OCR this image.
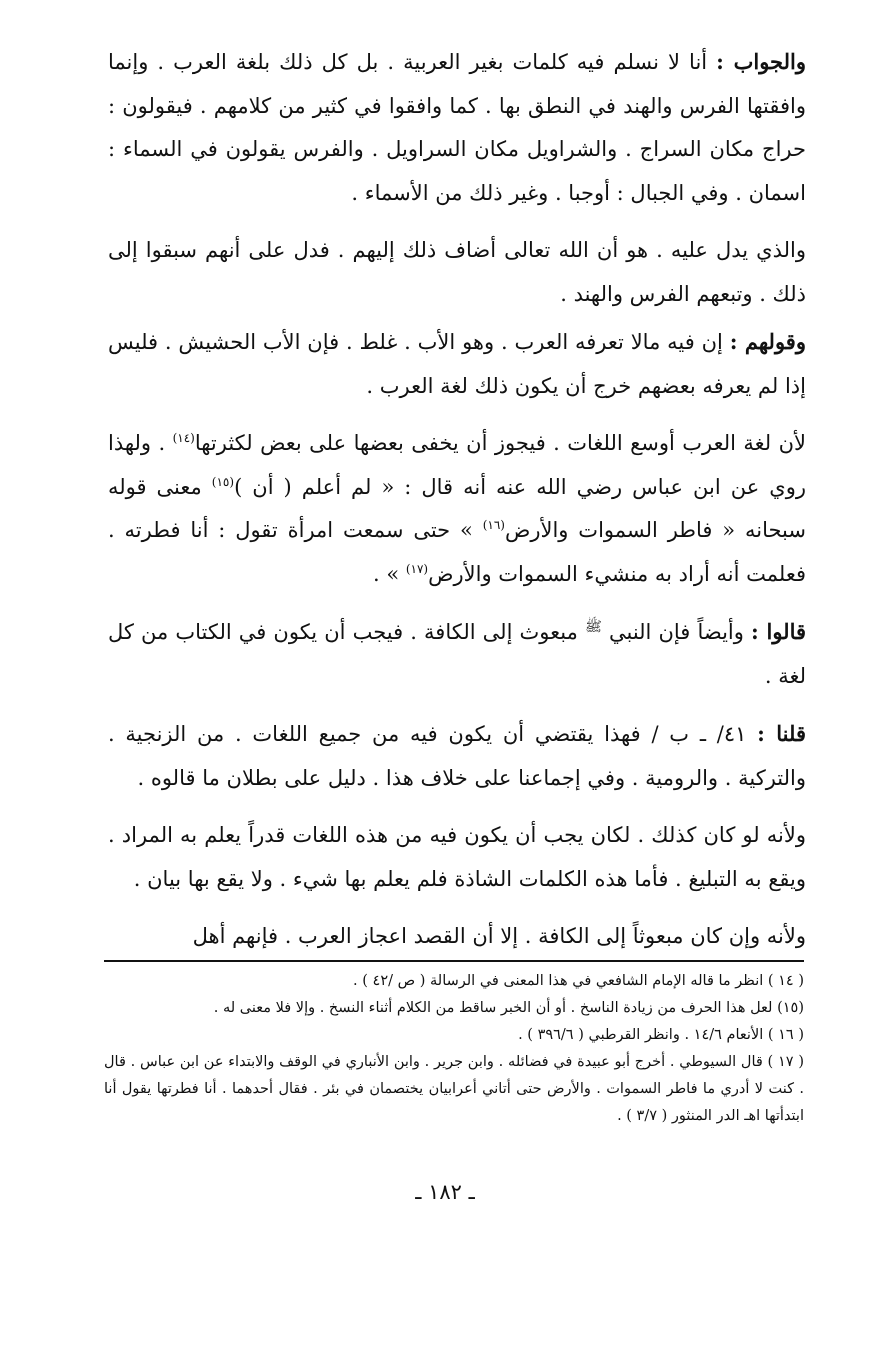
والجواب : أنا لا نسلم فيه كلمات بغير العربية . بل كل ذلك بلغة العرب . وإنما وافقتها الفرس والهند في النطق بها . كما وافقوا في كثير من كلامهم . فيقولون : حراج مكان السراج . والشراويل مكان السراويل . والفرس يقولون في السماء : اسمان . وفي الجبال : أوجبا . وغير ذلك من الأسماء .

والذي يدل عليه . هو أن الله تعالى أضاف ذلك إليهم . فدل على أنهم سبقوا إلى ذلك . وتبعهم الفرس والهند .

وقولهم : إن فيه مالا تعرفه العرب . وهو الأب . غلط . فإن الأب الحشيش . فليس إذا لم يعرفه بعضهم خرج أن يكون ذلك لغة العرب .

لأن لغة العرب أوسع اللغات . فيجوز أن يخفى بعضها على بعض لكثرتها$^{(١٤)}$ . ولهذا روي عن ابن عباس رضي الله عنه أنه قال : « لم أعلم ( أن )$^{(١٥)}$ معنى قوله سبحانه « فاطر السموات والأرض$^{(١٦)}$ » حتى سمعت امرأة تقول : أنا فطرته . فعلمت أنه أراد به منشيء السموات والأرض$^{(١٧)}$ » .

قالوا : وأيضاً فإن النبي $^ﷺ$ مبعوث إلى الكافة . فيجب أن يكون في الكتاب من كل لغة .

قلنا : ٤١/ ـ ب / فهذا يقتضي أن يكون فيه من جميع اللغات . من الزنجية . والتركية . والرومية . وفي إجماعنا على خلاف هذا . دليل على بطلان ما قالوه .

ولأنه لو كان كذلك . لكان يجب أن يكون فيه من هذه اللغات قدراً يعلم به المراد . ويقع به التبليغ . فأما هذه الكلمات الشاذة فلم يعلم بها شيء . ولا يقع بها بيان .

ولأنه وإن كان مبعوثاً إلى الكافة . إلا أن القصد اعجاز العرب . فإنهم أهل

( ١٤ ) انظر ما قاله الإمام الشافعي في هذا المعنى في الرسالة ( ص /٤٢ ) .

(١٥) لعل هذا الحرف من زيادة الناسخ . أو أن الخبر ساقط من الكلام أثناء النسخ . وإلا فلا معنى له .

( ١٦ ) الأنعام ١٤/٦ . وانظر القرطبي ( ٣٩٦/٦ ) .

( ١٧ ) قال السيوطي . أخرج أبو عبيدة في فضائله . وابن جرير . وابن الأنباري في الوقف والابتداء عن ابن عباس . قال . كنت لا أدري ما فاطر السموات . والأرض حتى أتاني أعرابيان يختصمان في بئر . فقال أحدهما . أنا فطرتها يقول أنا ابتدأتها اهـ الدر المنثور ( ٣/٧ ) .

ـ ١٨٢ ـ
